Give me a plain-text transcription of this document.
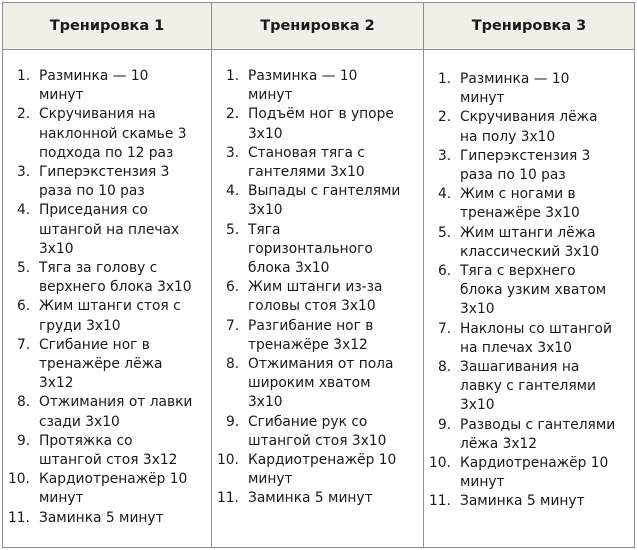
Тренировка 1	Тренировка 2	Тренировка 3
1. Разминка — 10
минут
2. Скручивания на
наклонной скамье 3
подхода по 12 раз
3. Гиперэкстензия 3
раза по 10 раз
4. Приседания со
штангой на плечах
3х10
5. Тяга за голову с
верхнего блока 3х10
6. Жим штанги стоя с
груди 3х10
7. Сгибание ног в
тренажёре лёжа
3х12
8. Отжимания от лавки
сзади 3х10
9. Протяжка со
штангой стоя 3х12
10. Кардиотренажёр 10
минут
11. Заминка 5 минут
1. Разминка — 10
минут
2. Подъём ног в упоре
3х10
3. Становая тяга с
гантелями 3х10
4. Выпады с гантелями
3х10
5. Тяга
горизонтального
блока 3х10
6. Жим штанги из-за
головы стоя 3х10
7. Разгибание ног в
тренажёре 3х12
8. Отжимания от пола
широким хватом
3х10
9. Сгибание рук со
штангой стоя 3х10
10. Кардиотренажёр 10
минут
11. Заминка 5 минут
1. Разминка — 10
минут
2. Скручивания лёжа
на полу 3х10
3. Гиперэкстензия 3
раза по 10 раз
4. Жим с ногами в
тренажёре 3х10
5. Жим штанги лёжа
классический 3х10
6. Тяга с верхнего
блока узким хватом
3х10
7. Наклоны со штангой
на плечах 3х10
8. Зашагивания на
лавку с гантелями
3х10
9. Разводы с гантелями
лёжа 3х12
10. Кардиотренажёр 10
минут
11. Заминка 5 минут
